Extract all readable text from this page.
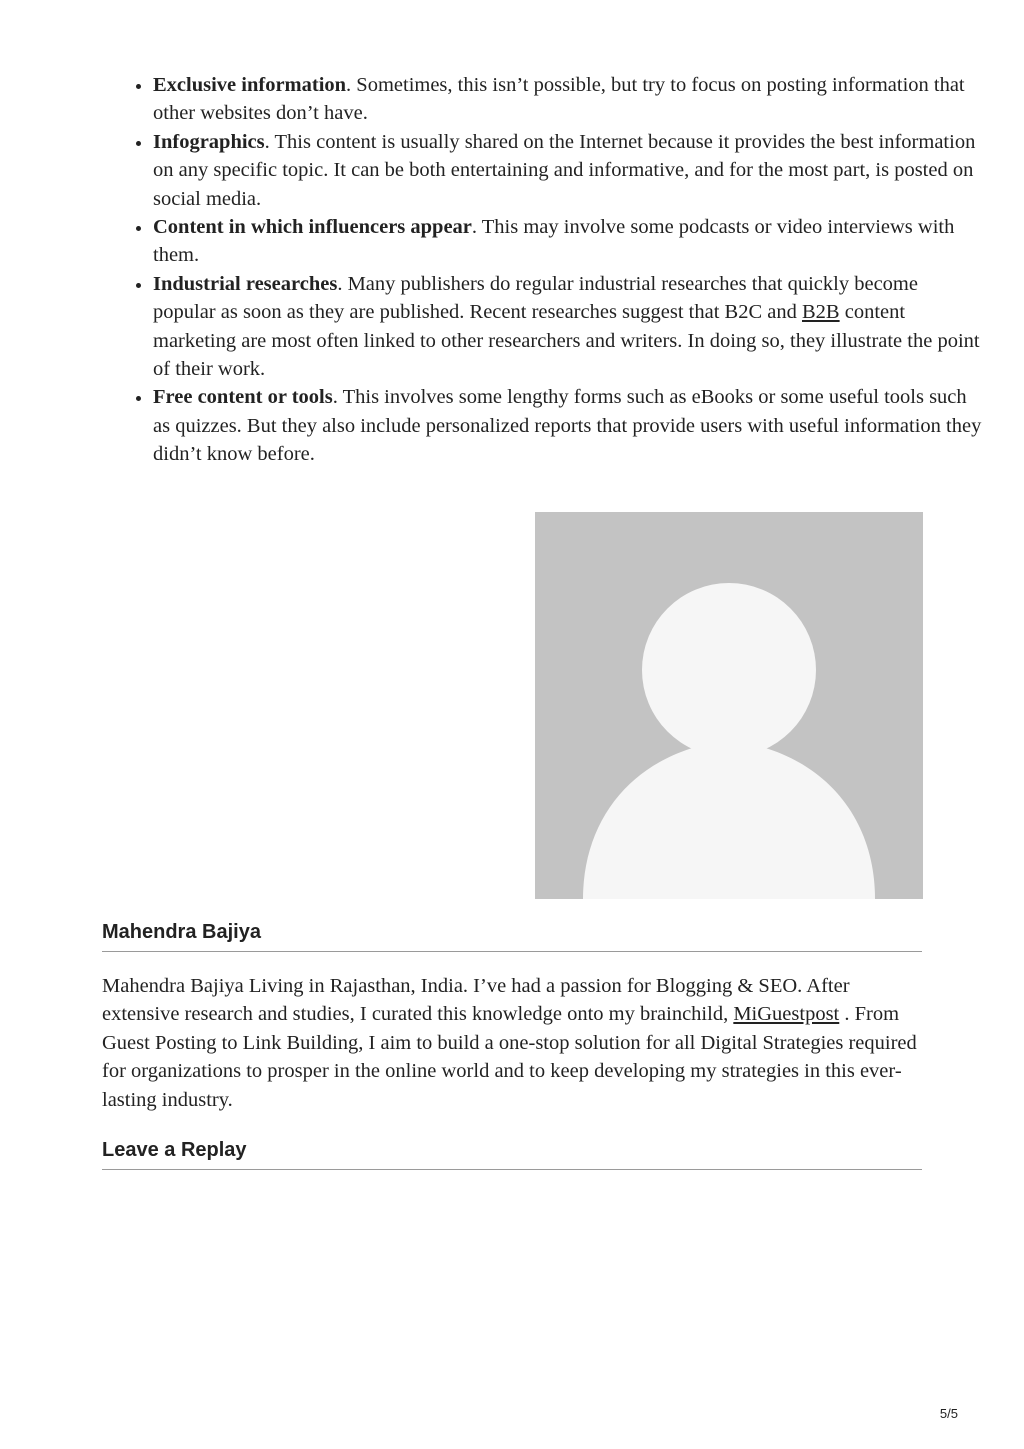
• Exclusive information. Sometimes, this isn’t possible, but try to focus on posting information that other websites don’t have.
• Infographics. This content is usually shared on the Internet because it provides the best information on any specific topic. It can be both entertaining and informative, and for the most part, is posted on social media.
• Content in which influencers appear. This may involve some podcasts or video interviews with them.
• Industrial researches. Many publishers do regular industrial researches that quickly become popular as soon as they are published. Recent researches suggest that B2C and B2B content marketing are most often linked to other researchers and writers. In doing so, they illustrate the point of their work.
• Free content or tools. This involves some lengthy forms such as eBooks or some useful tools such as quizzes. But they also include personalized reports that provide users with useful information they didn’t know before.
Mahendra Bajiya

Mahendra Bajiya Living in Rajasthan, India. I’ve had a passion for Blogging & SEO. After extensive research and studies, I curated this knowledge onto my brainchild, MiGuestpost . From Guest Posting to Link Building, I aim to build a one-stop solution for all Digital Strategies required for organizations to prosper in the online world and to keep developing my strategies in this ever-lasting industry.

Leave a Replay
5/5
